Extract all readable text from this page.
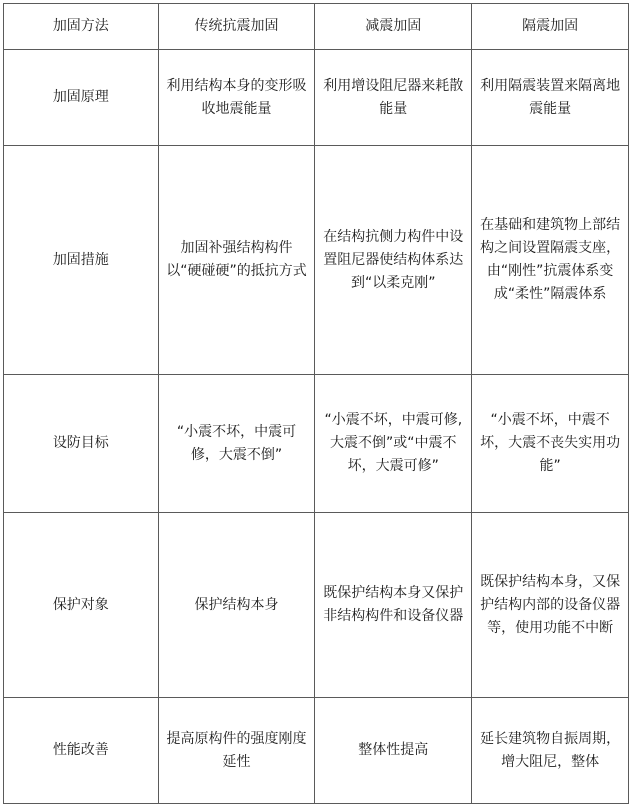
加固方法	传统抗震加固	减震加固	隔震加固
加固原理	利用结构本身的变形吸收地震能量	利用增设阻尼器来耗散能量	利用隔震装置来隔离地震能量
加固措施	加固补强结构构件以“硬碰硬”的抵抗方式	在结构抗侧力构件中设置阻尼器使结构体系达到“以柔克刚”	在基础和建筑物上部结构之间设置隔震支座，由“刚性”抗震体系变成“柔性”隔震体系
设防目标	“小震不坏，中震可修，大震不倒”	“小震不坏，中震可修,大震不倒”或“中震不坏，大震可修”	“小震不坏，中震不坏，大震不丧失实用功能”
保护对象	保护结构本身	既保护结构本身又保护非结构构件和设备仪器	既保护结构本身，又保护结构内部的设备仪器等，使用功能不中断
性能改善	提高原构件的强度刚度延性	整体性提高	延长建筑物自振周期，增大阻尼，整体
